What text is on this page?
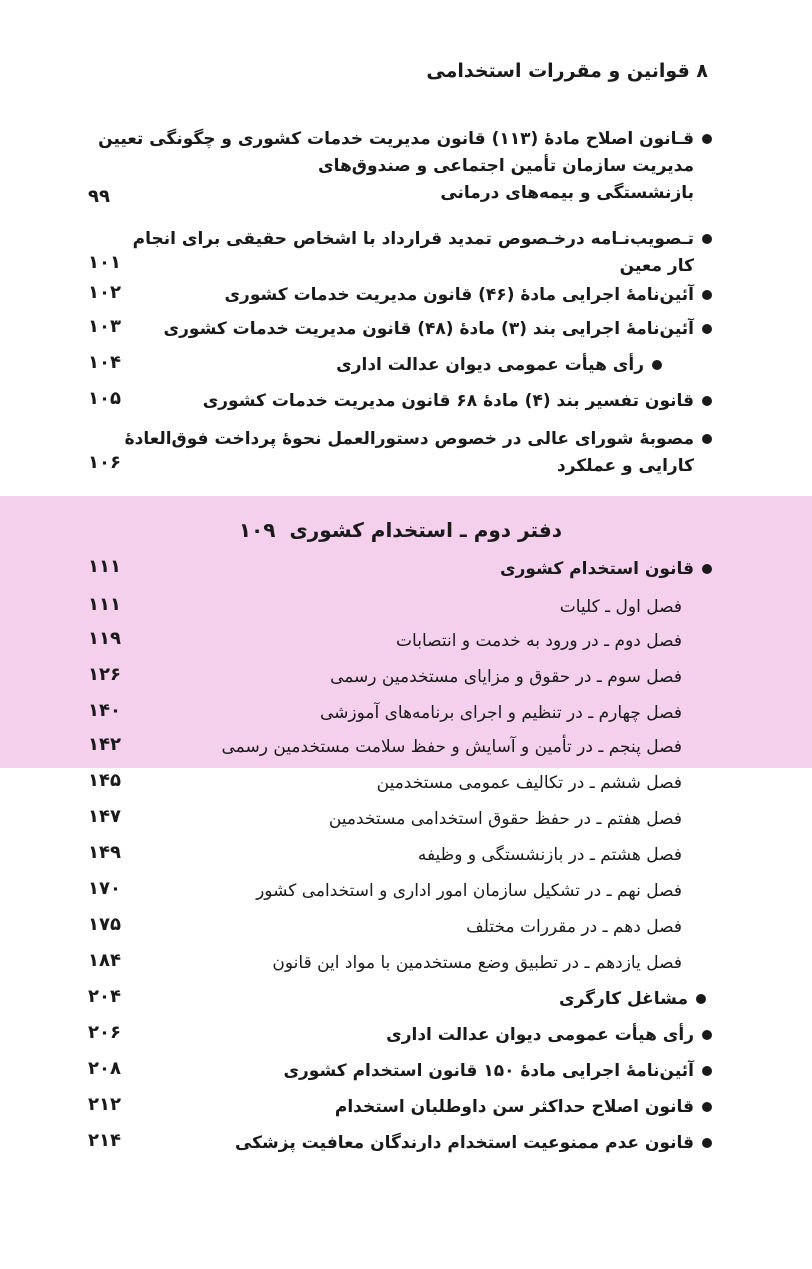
۸ قوانین و مقررات استخدامی
قـانون اصلاح مادهٔ (۱۱۳) قانون مدیریت خدمات کشوری و چگونگی تعیین
مدیریت سازمان تأمین اجتماعی و صندوق‌های
بازنشستگی و بیمه‌های درمانی
۹۹
تـصویب‌نـامه درخـصوص تمدید قرارداد با اشخاص حقیقی برای انجام
کار معین
۱۰۱
آئین‌نامهٔ اجرایی مادهٔ (۴۶) قانون مدیریت خدمات کشوری
۱۰۲
آئین‌نامهٔ اجرایی بند (۳) مادهٔ (۴۸) قانون مدیریت خدمات کشوری
۱۰۳
رأی هیأت عمومی دیوان عدالت اداری
۱۰۴
قانون تفسیر بند (۴) مادهٔ ۶۸ قانون مدیریت خدمات کشوری
۱۰۵
مصوبهٔ شورای عالی در خصوص دستورالعمل نحوهٔ پرداخت فوق‌العادهٔ
کارایی و عملکرد
۱۰۶
دفتر دوم ـ استخدام کشوری۱۰۹
قانون استخدام کشوری
۱۱۱
فصل اول ـ کلیات
۱۱۱
فصل دوم ـ در ورود به خدمت و انتصابات
۱۱۹
فصل سوم ـ در حقوق و مزایای مستخدمین رسمی
۱۲۶
فصل چهارم ـ در تنظیم و اجرای برنامه‌های آموزشی
۱۴۰
فصل پنجم ـ در تأمین و آسایش و حفظ سلامت مستخدمین رسمی
۱۴۲
فصل ششم ـ در تکالیف عمومی مستخدمین
۱۴۵
فصل هفتم ـ در حفظ حقوق استخدامی مستخدمین
۱۴۷
فصل هشتم ـ در بازنشستگی و وظیفه
۱۴۹
فصل نهم ـ در تشکیل سازمان امور اداری و استخدامی کشور
۱۷۰
فصل دهم ـ در مقررات مختلف
۱۷۵
فصل یازدهم ـ در تطبیق وضع مستخدمین با مواد این قانون
۱۸۴
مشاغل کارگری
۲۰۴
رأی هیأت عمومی دیوان عدالت اداری
۲۰۶
آئین‌نامهٔ اجرایی مادهٔ ۱۵۰ قانون استخدام کشوری
۲۰۸
قانون اصلاح حداکثر سن داوطلبان استخدام
۲۱۲
قانون عدم ممنوعیت استخدام دارندگان معافیت پزشکی
۲۱۴
